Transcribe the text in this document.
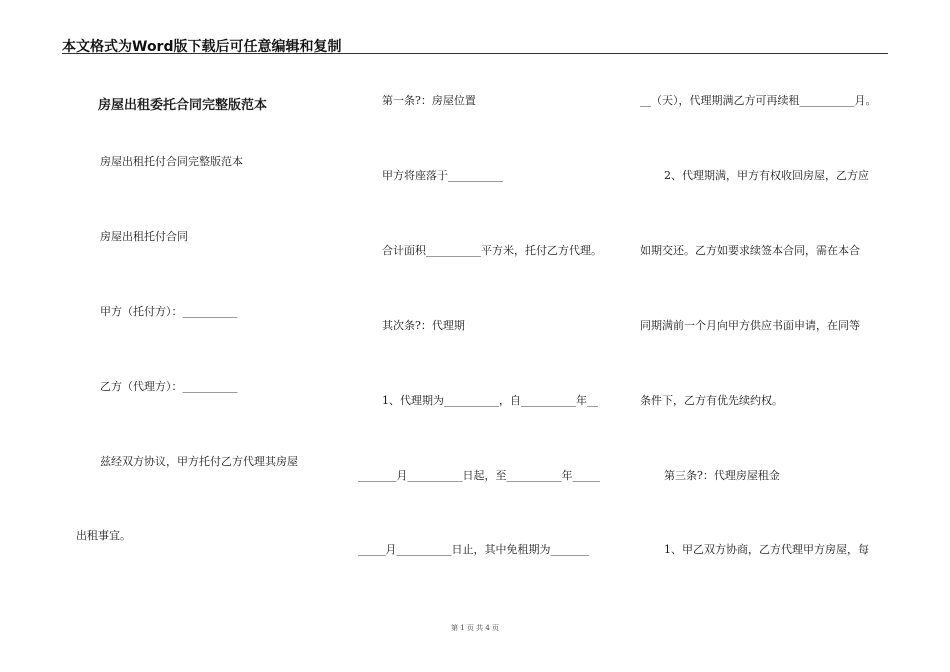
本文格式为Word版下载后可任意编辑和复制
房屋出租委托合同完整版范本
房屋出租托付合同完整版范本
房屋出租托付合同
甲方（托付方）：__________
乙方（代理方）：__________
兹经双方协议，甲方托付乙方代理其房屋
出租事宜。
第一条?：房屋位置
甲方将座落于__________
合计面积__________平方米，托付乙方代理。
其次条?：代理期
1、代理期为__________，自__________年__
_______月__________日起，至__________年_____
_____月__________日止，其中免租期为_______
__（天），代理期满乙方可再续租__________月。
2、代理期满，甲方有权收回房屋，乙方应
如期交还。乙方如要求续签本合同，需在本合
同期满前一个月向甲方供应书面申请，在同等
条件下，乙方有优先续约权。
第三条?：代理房屋租金
1、甲乙双方协商，乙方代理甲方房屋，每
第 1 页 共 4 页
